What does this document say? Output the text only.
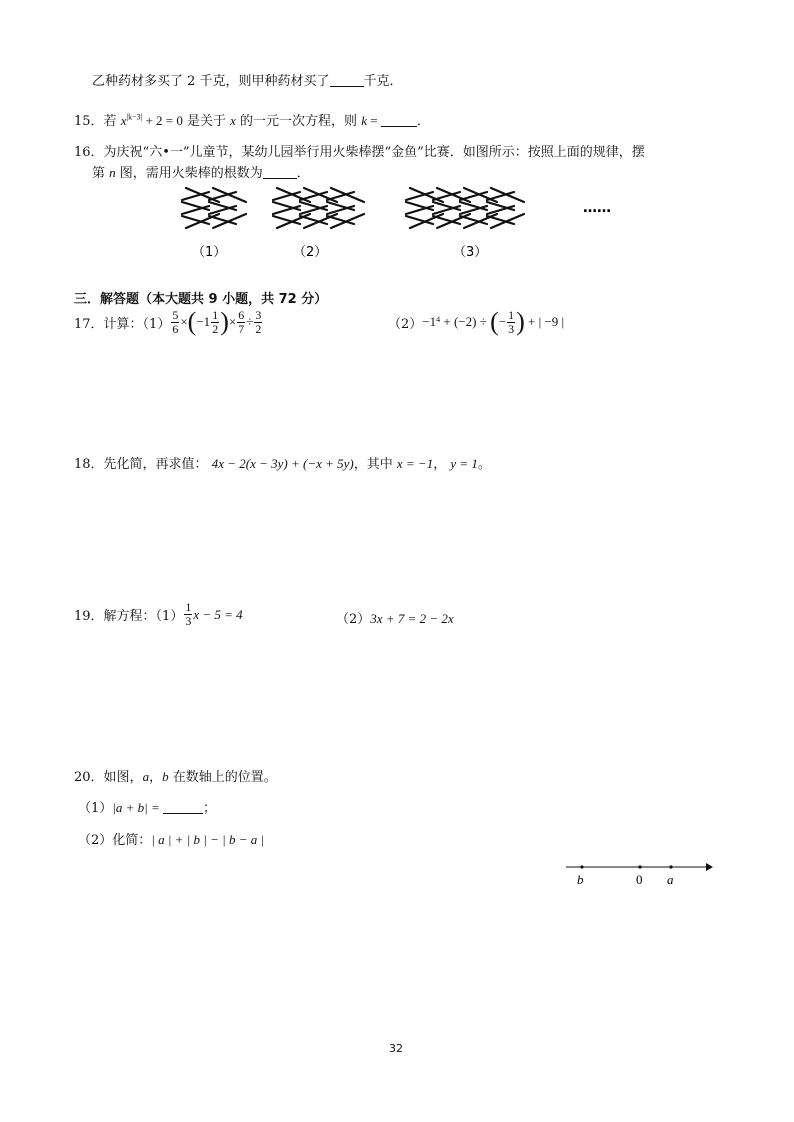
乙种药材多买了 2 千克，则甲种药材买了	千克．
15．若 $x^{|k-3|} + 2 = 0$ 是关于 x 的一元一次方程，则 k =	．
16．为庆祝“六•一”儿童节，某幼儿园举行用火柴棒摆“金鱼”比赛．如图所示：按照上面的规律，摆
第 n 图，需用火柴棒的根数为	．
（1）	（2）	（3）
……
三．解答题（本大题共 9 小题，共 72 分）
17． 计算：$(1) \frac{5}{6}$ × ( $-1 \frac{1}{2}$ ) × $\frac{6}{7} \div \frac{3}{2}$	（2） −1 4 + (−2) ÷ ( − $\frac{1}{3}$ ) + | −9 |
18．先化简，再求值： 4x − 2(x − 3y) + (−x + 5y)，其中 x = −1， y = 1。
19． 解方程：$(1) \frac{1}{3}$ x − 5 = 4	（2）3x + 7 = 2 − 2x
20．如图，a，b 在数轴上的位置。
（1）|a + b| =	；
（2）化简：| a | + | b | − | b − a |
b	0 a
32
